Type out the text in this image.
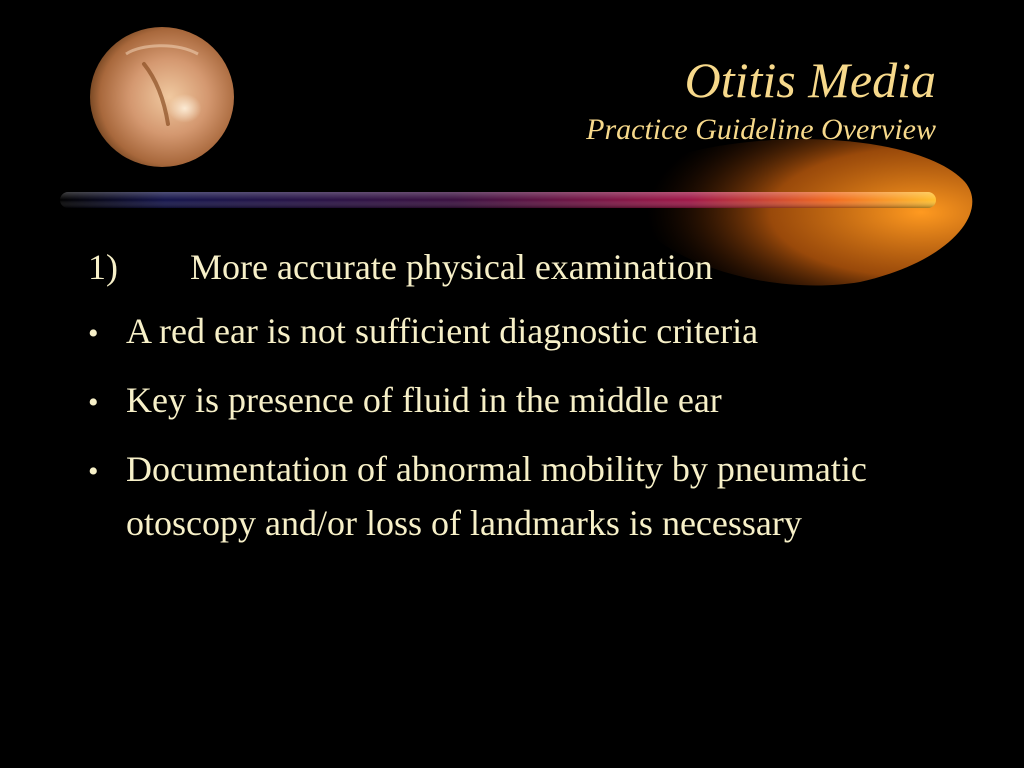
Otitis Media
Practice Guideline Overview
1)	More accurate physical examination
• A red ear is not sufficient diagnostic criteria
• Key is presence of fluid in the middle ear
• Documentation of abnormal mobility by pneumatic otoscopy and/or loss of landmarks is necessary
